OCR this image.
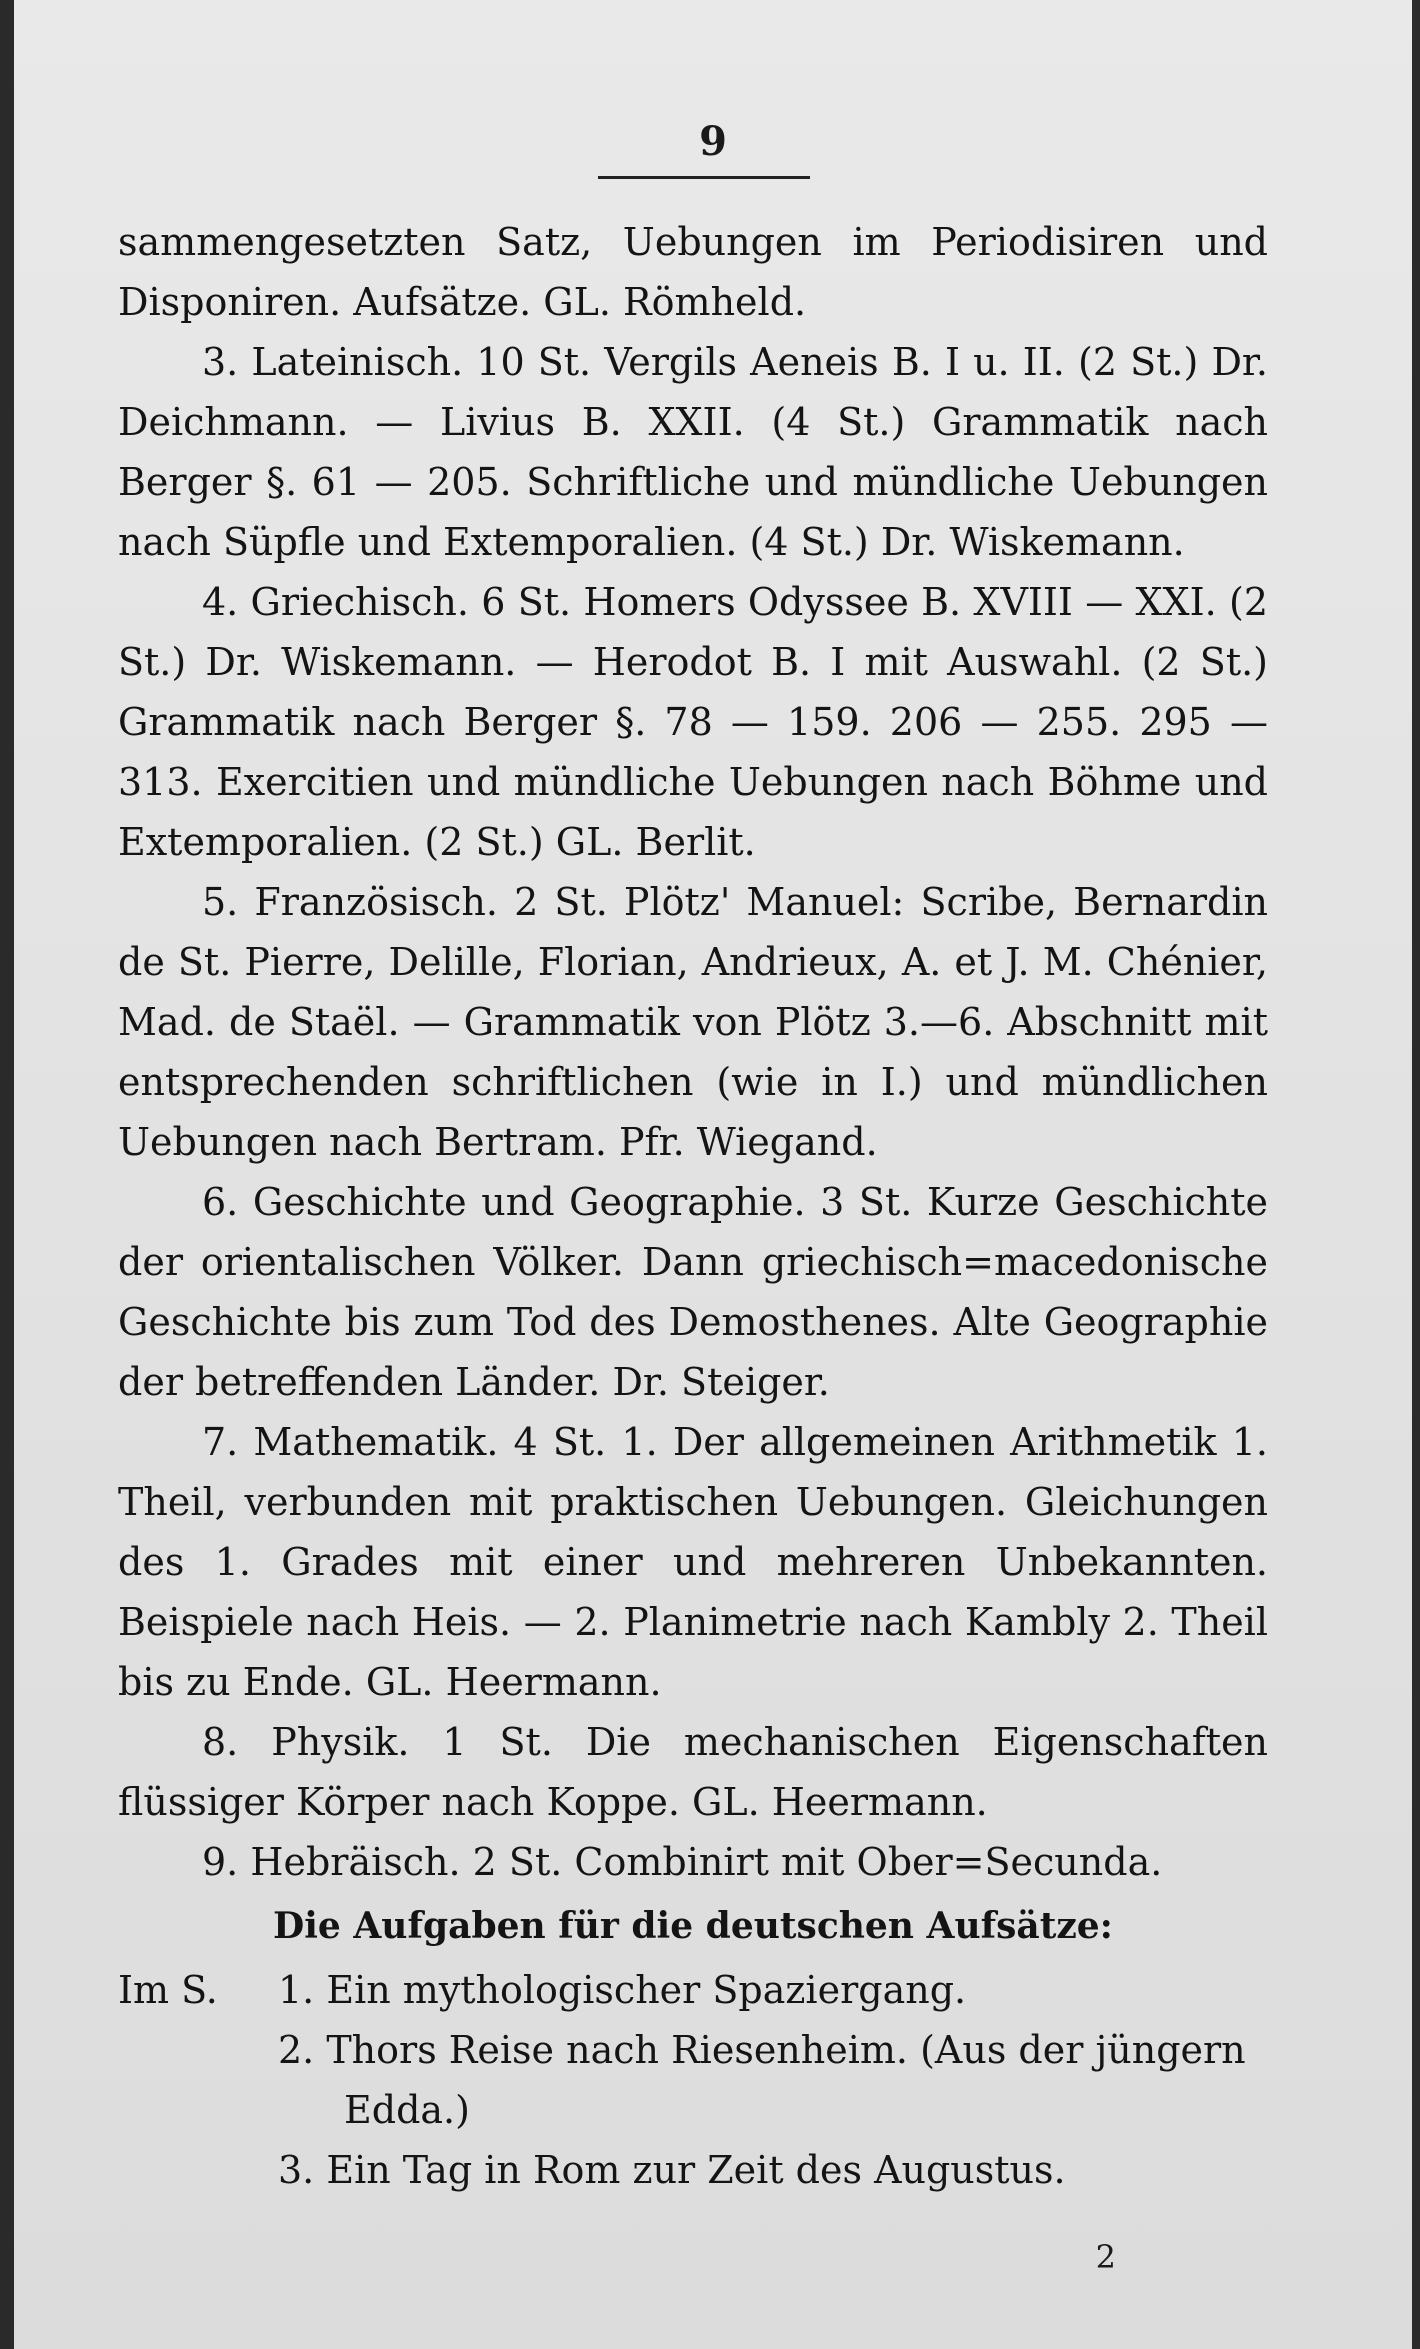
9

sammengesetzten Satz, Uebungen im Periodisiren und Disponiren. Aufsätze. GL. Römheld.

3. Lateinisch. 10 St. Vergils Aeneis B. I u. II. (2 St.) Dr. Deichmann. — Livius B. XXII. (4 St.) Grammatik nach Berger §. 61 — 205. Schriftliche und mündliche Uebungen nach Süpfle und Extemporalien. (4 St.) Dr. Wiskemann.

4. Griechisch. 6 St. Homers Odyssee B. XVIII — XXI. (2 St.) Dr. Wiskemann. — Herodot B. I mit Auswahl. (2 St.) Grammatik nach Berger §. 78 — 159. 206 — 255. 295 — 313. Exercitien und mündliche Uebungen nach Böhme und Extemporalien. (2 St.) GL. Berlit.

5. Französisch. 2 St. Plötz' Manuel: Scribe, Bernardin de St. Pierre, Delille, Florian, Andrieux, A. et J. M. Chénier, Mad. de Staël. — Grammatik von Plötz 3.—6. Abschnitt mit entsprechenden schriftlichen (wie in I.) und mündlichen Uebungen nach Bertram. Pfr. Wiegand.

6. Geschichte und Geographie. 3 St. Kurze Geschichte der orientalischen Völker. Dann griechisch=macedonische Geschichte bis zum Tod des Demosthenes. Alte Geographie der betreffenden Länder. Dr. Steiger.

7. Mathematik. 4 St. 1. Der allgemeinen Arithmetik 1. Theil, verbunden mit praktischen Uebungen. Gleichungen des 1. Grades mit einer und mehreren Unbekannten. Beispiele nach Heis. — 2. Planimetrie nach Kambly 2. Theil bis zu Ende. GL. Heermann.

8. Physik. 1 St. Die mechanischen Eigenschaften flüssiger Körper nach Koppe. GL. Heermann.

9. Hebräisch. 2 St. Combinirt mit Ober=Secunda.

Die Aufgaben für die deutschen Aufsätze:

Im S. 1. Ein mythologischer Spaziergang.

2. Thors Reise nach Riesenheim. (Aus der jüngern

Edda.)

3. Ein Tag in Rom zur Zeit des Augustus.

2
